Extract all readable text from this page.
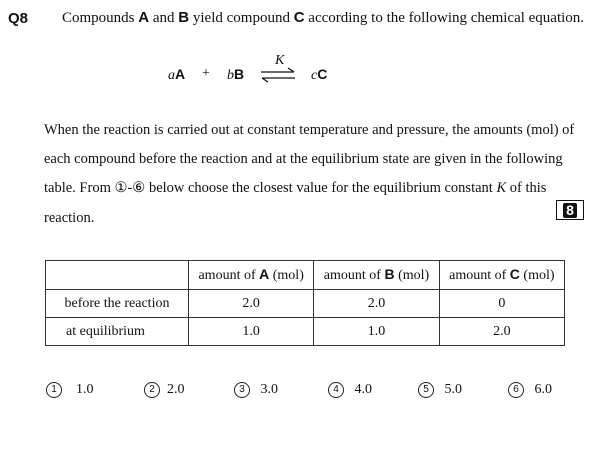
Q8 Compounds A and B yield compound C according to the following chemical equation.
aA + bB
K
⇌ cC
When the reaction is carried out at constant temperature and pressure, the amounts (mol) of
each compound before the reaction and at the equilibrium state are given in the following
table. From ①-⑥ below choose the closest value for the equilibrium constant K of this
reaction.
8
	amount of A (mol)	amount of B (mol)	amount of C (mol)
before the reaction	2.0	2.0	0
at equilibrium	1.0	1.0	2.0
1 1.0	2 2.0	3 3.0	4 4.0	5 5.0	6 6.0
